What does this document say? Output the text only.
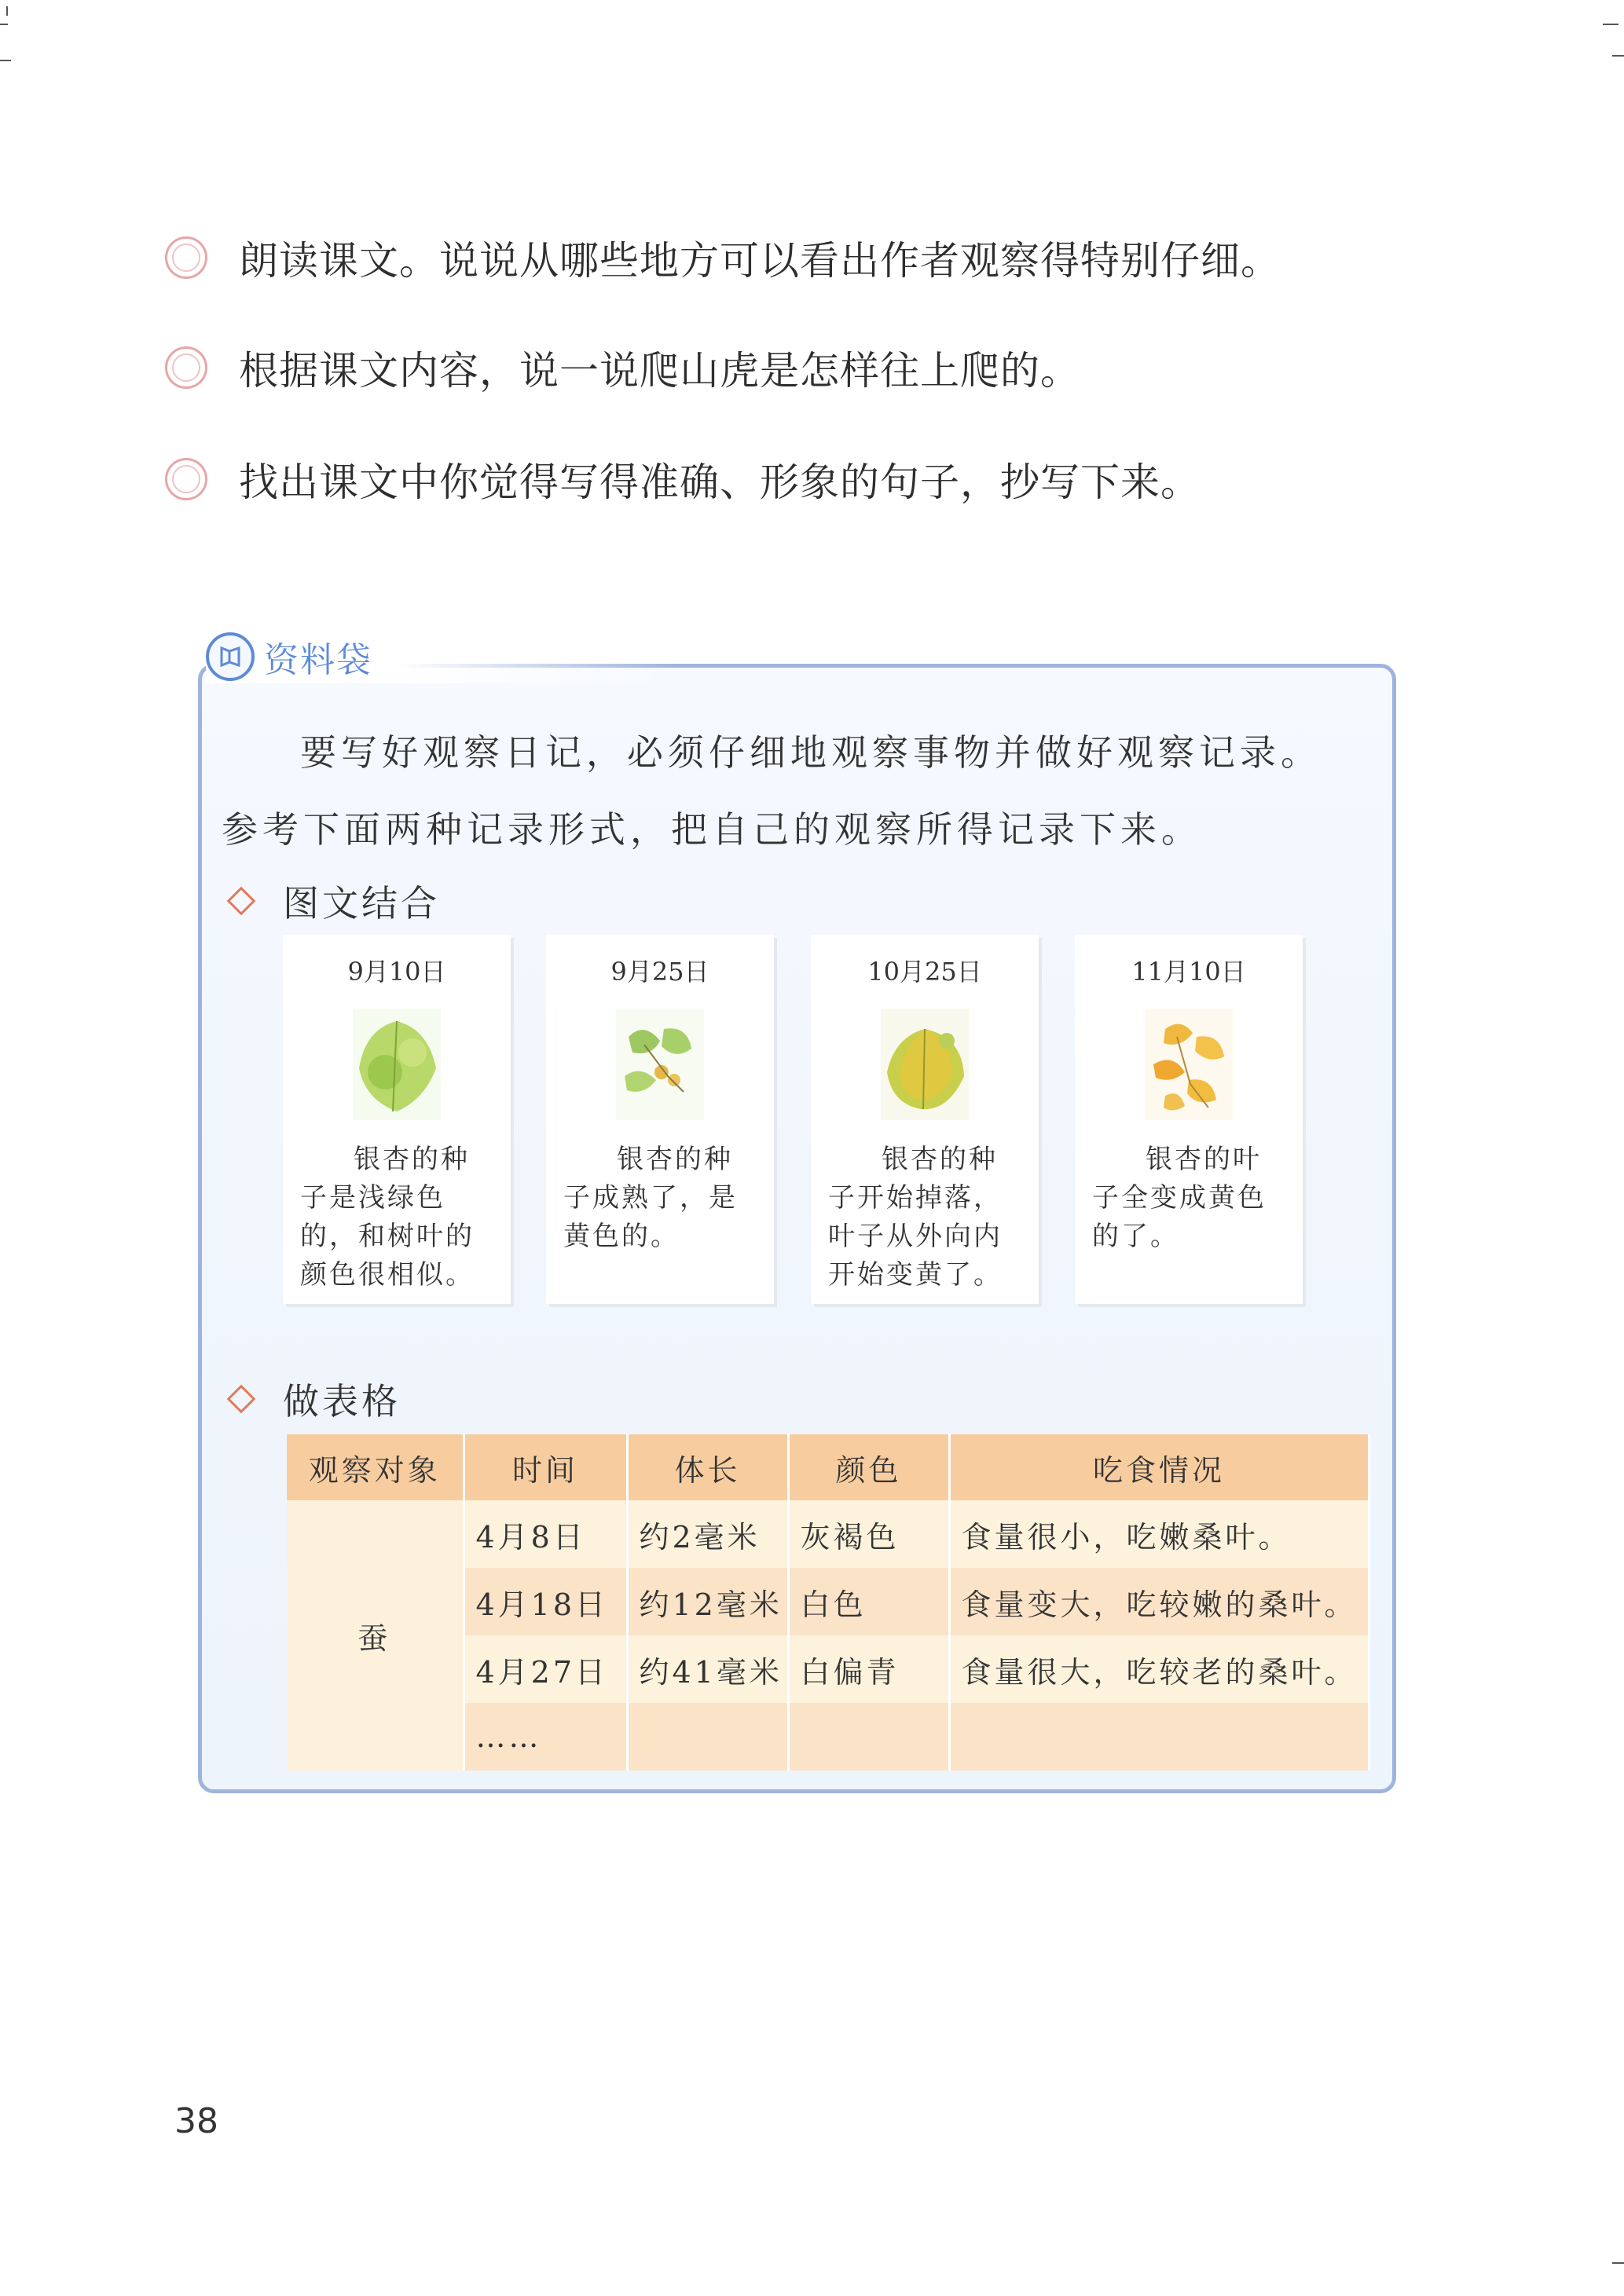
朗读课文。说说从哪些地方可以看出作者观察得特别仔细。
根据课文内容，说一说爬山虎是怎样往上爬的。
找出课文中你觉得写得准确、形象的句子，抄写下来。
资料袋
要写好观察日记，必须仔细地观察事物并做好观察记录。
参考下面两种记录形式，把自己的观察所得记录下来。
图文结合
9月10日
银杏的种
子是浅绿色
的，和树叶的
颜色很相似。
9月25日
银杏的种
子成熟了，是
黄色的。
10月25日
银杏的种
子开始掉落，
叶子从外向内
开始变黄了。
11月10日
银杏的叶
子全变成黄色
的了。
做表格
观察对象	时间	体长	颜色	吃食情况
蚕	4月8日	约2毫米	灰褐色	食量很小，吃嫩桑叶。
	4月18日	约12毫米	白色	食量变大，吃较嫩的桑叶。
	4月27日	约41毫米	白偏青	食量很大，吃较老的桑叶。
	……			
38
